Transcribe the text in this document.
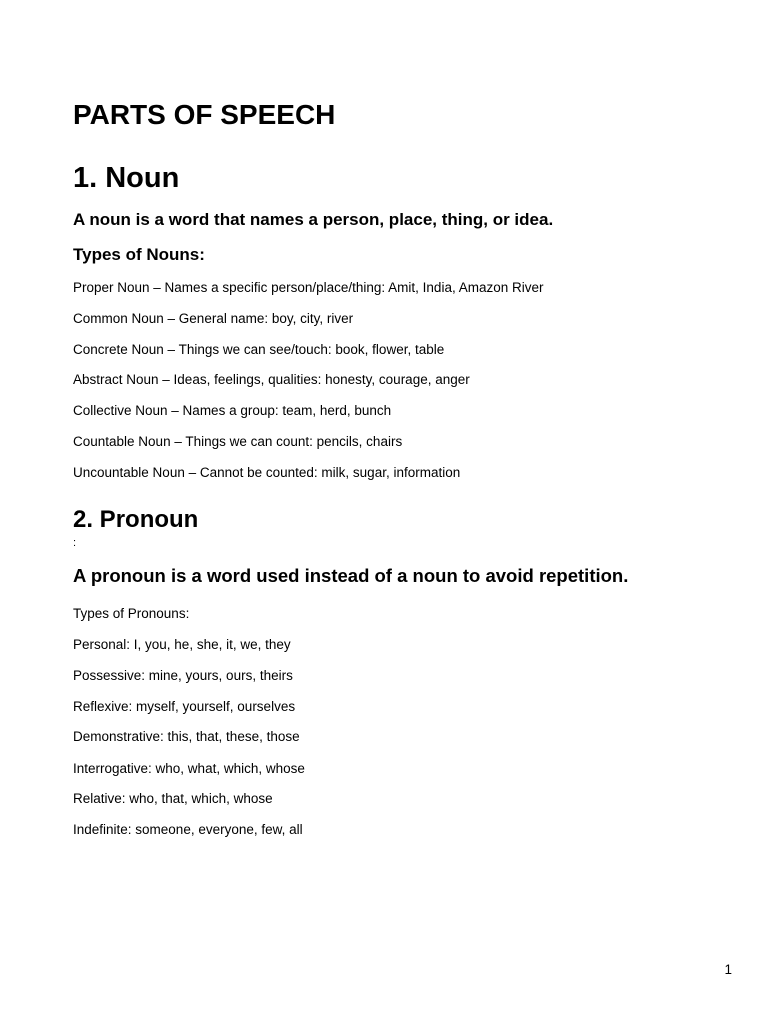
PARTS OF SPEECH
1. Noun

A noun is a word that names a person, place, thing, or idea.

Types of Nouns:

Proper Noun – Names a specific person/place/thing: Amit, India, Amazon River

Common Noun – General name: boy, city, river

Concrete Noun – Things we can see/touch: book, flower, table

Abstract Noun – Ideas, feelings, qualities: honesty, courage, anger

Collective Noun – Names a group: team, herd, bunch

Countable Noun – Things we can count: pencils, chairs

Uncountable Noun – Cannot be counted: milk, sugar, information

2. Pronoun

:

A pronoun is a word used instead of a noun to avoid repetition.

Types of Pronouns:

Personal: I, you, he, she, it, we, they

Possessive: mine, yours, ours, theirs

Reflexive: myself, yourself, ourselves

Demonstrative: this, that, these, those

Interrogative: who, what, which, whose

Relative: who, that, which, whose

Indefinite: someone, everyone, few, all

1
